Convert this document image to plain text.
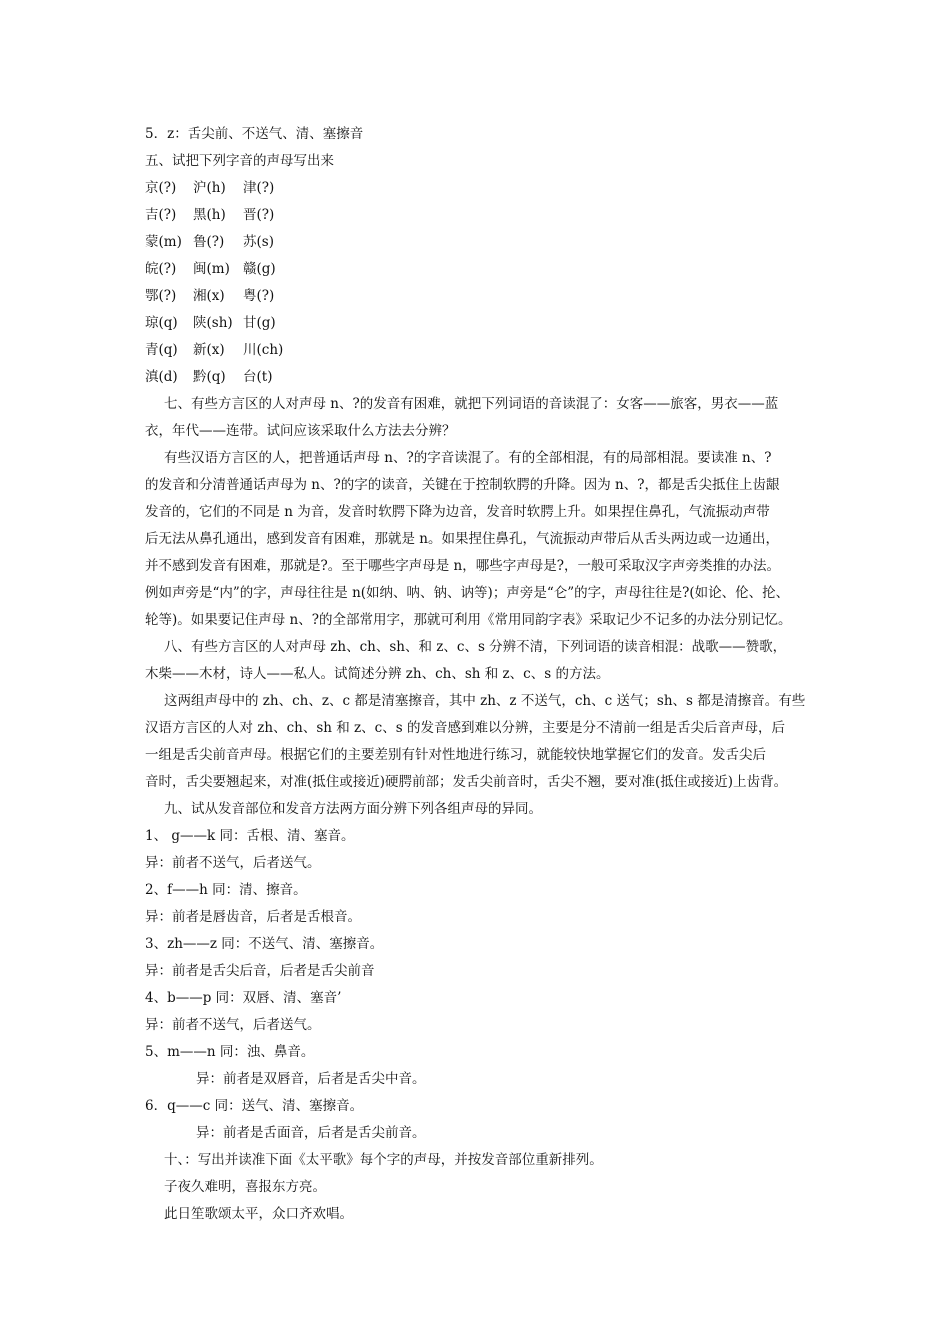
5．z：舌尖前、不送气、清、塞擦音
五、试把下列字音的声母写出来
京(?) 沪(h) 津(?)
吉(?) 黑(h) 晋(?)
蒙(m) 鲁(?) 苏(s)
皖(?) 闽(m) 赣(g)
鄂(?) 湘(x) 粤(?)
琼(q) 陕(sh) 甘(g)
青(q) 新(x) 川(ch)
滇(d) 黔(q) 台(t)
七、有些方言区的人对声母 n、?的发音有困难，就把下列词语的音读混了：女客——旅客，男衣——蓝
衣，年代——连带。试问应该采取什么方法去分辨？
有些汉语方言区的人，把普通话声母 n、?的字音读混了。有的全部相混，有的局部相混。要读准 n、?
的发音和分清普通话声母为 n、?的字的读音，关键在于控制软腭的升降。因为 n、?，都是舌尖抵住上齿龈
发音的，它们的不同是 n 为音，发音时软腭下降为边音，发音时软腭上升。如果捏住鼻孔，气流振动声带
后无法从鼻孔通出，感到发音有困难，那就是 n。如果捏住鼻孔，气流振动声带后从舌头两边或一边通出，
并不感到发音有困难，那就是?。至于哪些字声母是 n，哪些字声母是?，一般可采取汉字声旁类推的办法。
例如声旁是“内”的字，声母往往是 n(如纳、呐、钠、讷等)；声旁是“仑”的字，声母往往是?(如论、伦、抡、
轮等)。如果要记住声母 n、?的全部常用字，那就可利用《常用同韵字表》采取记少不记多的办法分别记忆。
八、有些方言区的人对声母 zh、ch、sh、和 z、c、s 分辨不清，下列词语的读音相混：战歌——赞歌，
木柴——木材，诗人——私人。试简述分辨 zh、ch、sh 和 z、c、s 的方法。
这两组声母中的 zh、ch、z、c 都是清塞擦音，其中 zh、z 不送气，ch、c 送气；sh、s 都是清擦音。有些
汉语方言区的人对 zh、ch、sh 和 z、c、s 的发音感到难以分辨，主要是分不清前一组是舌尖后音声母，后
一组是舌尖前音声母。根据它们的主要差别有针对性地进行练习，就能较快地掌握它们的发音。发舌尖后
音时，舌尖要翘起来，对准(抵住或接近)硬腭前部；发舌尖前音时，舌尖不翘，要对准(抵住或接近)上齿背。
九、试从发音部位和发音方法两方面分辨下列各组声母的异同。
1、 g——k 同：舌根、清、塞音。
异：前者不送气，后者送气。
2、f——h 同：清、擦音。
异：前者是唇齿音，后者是舌根音。
3、zh——z 同：不送气、清、塞擦音。
异：前者是舌尖后音，后者是舌尖前音
4、b——p 同：双唇、清、塞音’
异：前者不送气，后者送气。
5、m——n 同：浊、鼻音。
异：前者是双唇音，后者是舌尖中音。
6．q——c 同：送气、清、塞擦音。
异：前者是舌面音，后者是舌尖前音。
十、：写出并读准下面《太平歌》每个字的声母，并按发音部位重新排列。
子夜久难明，喜报东方亮。
此日笙歌颂太平，众口齐欢唱。
